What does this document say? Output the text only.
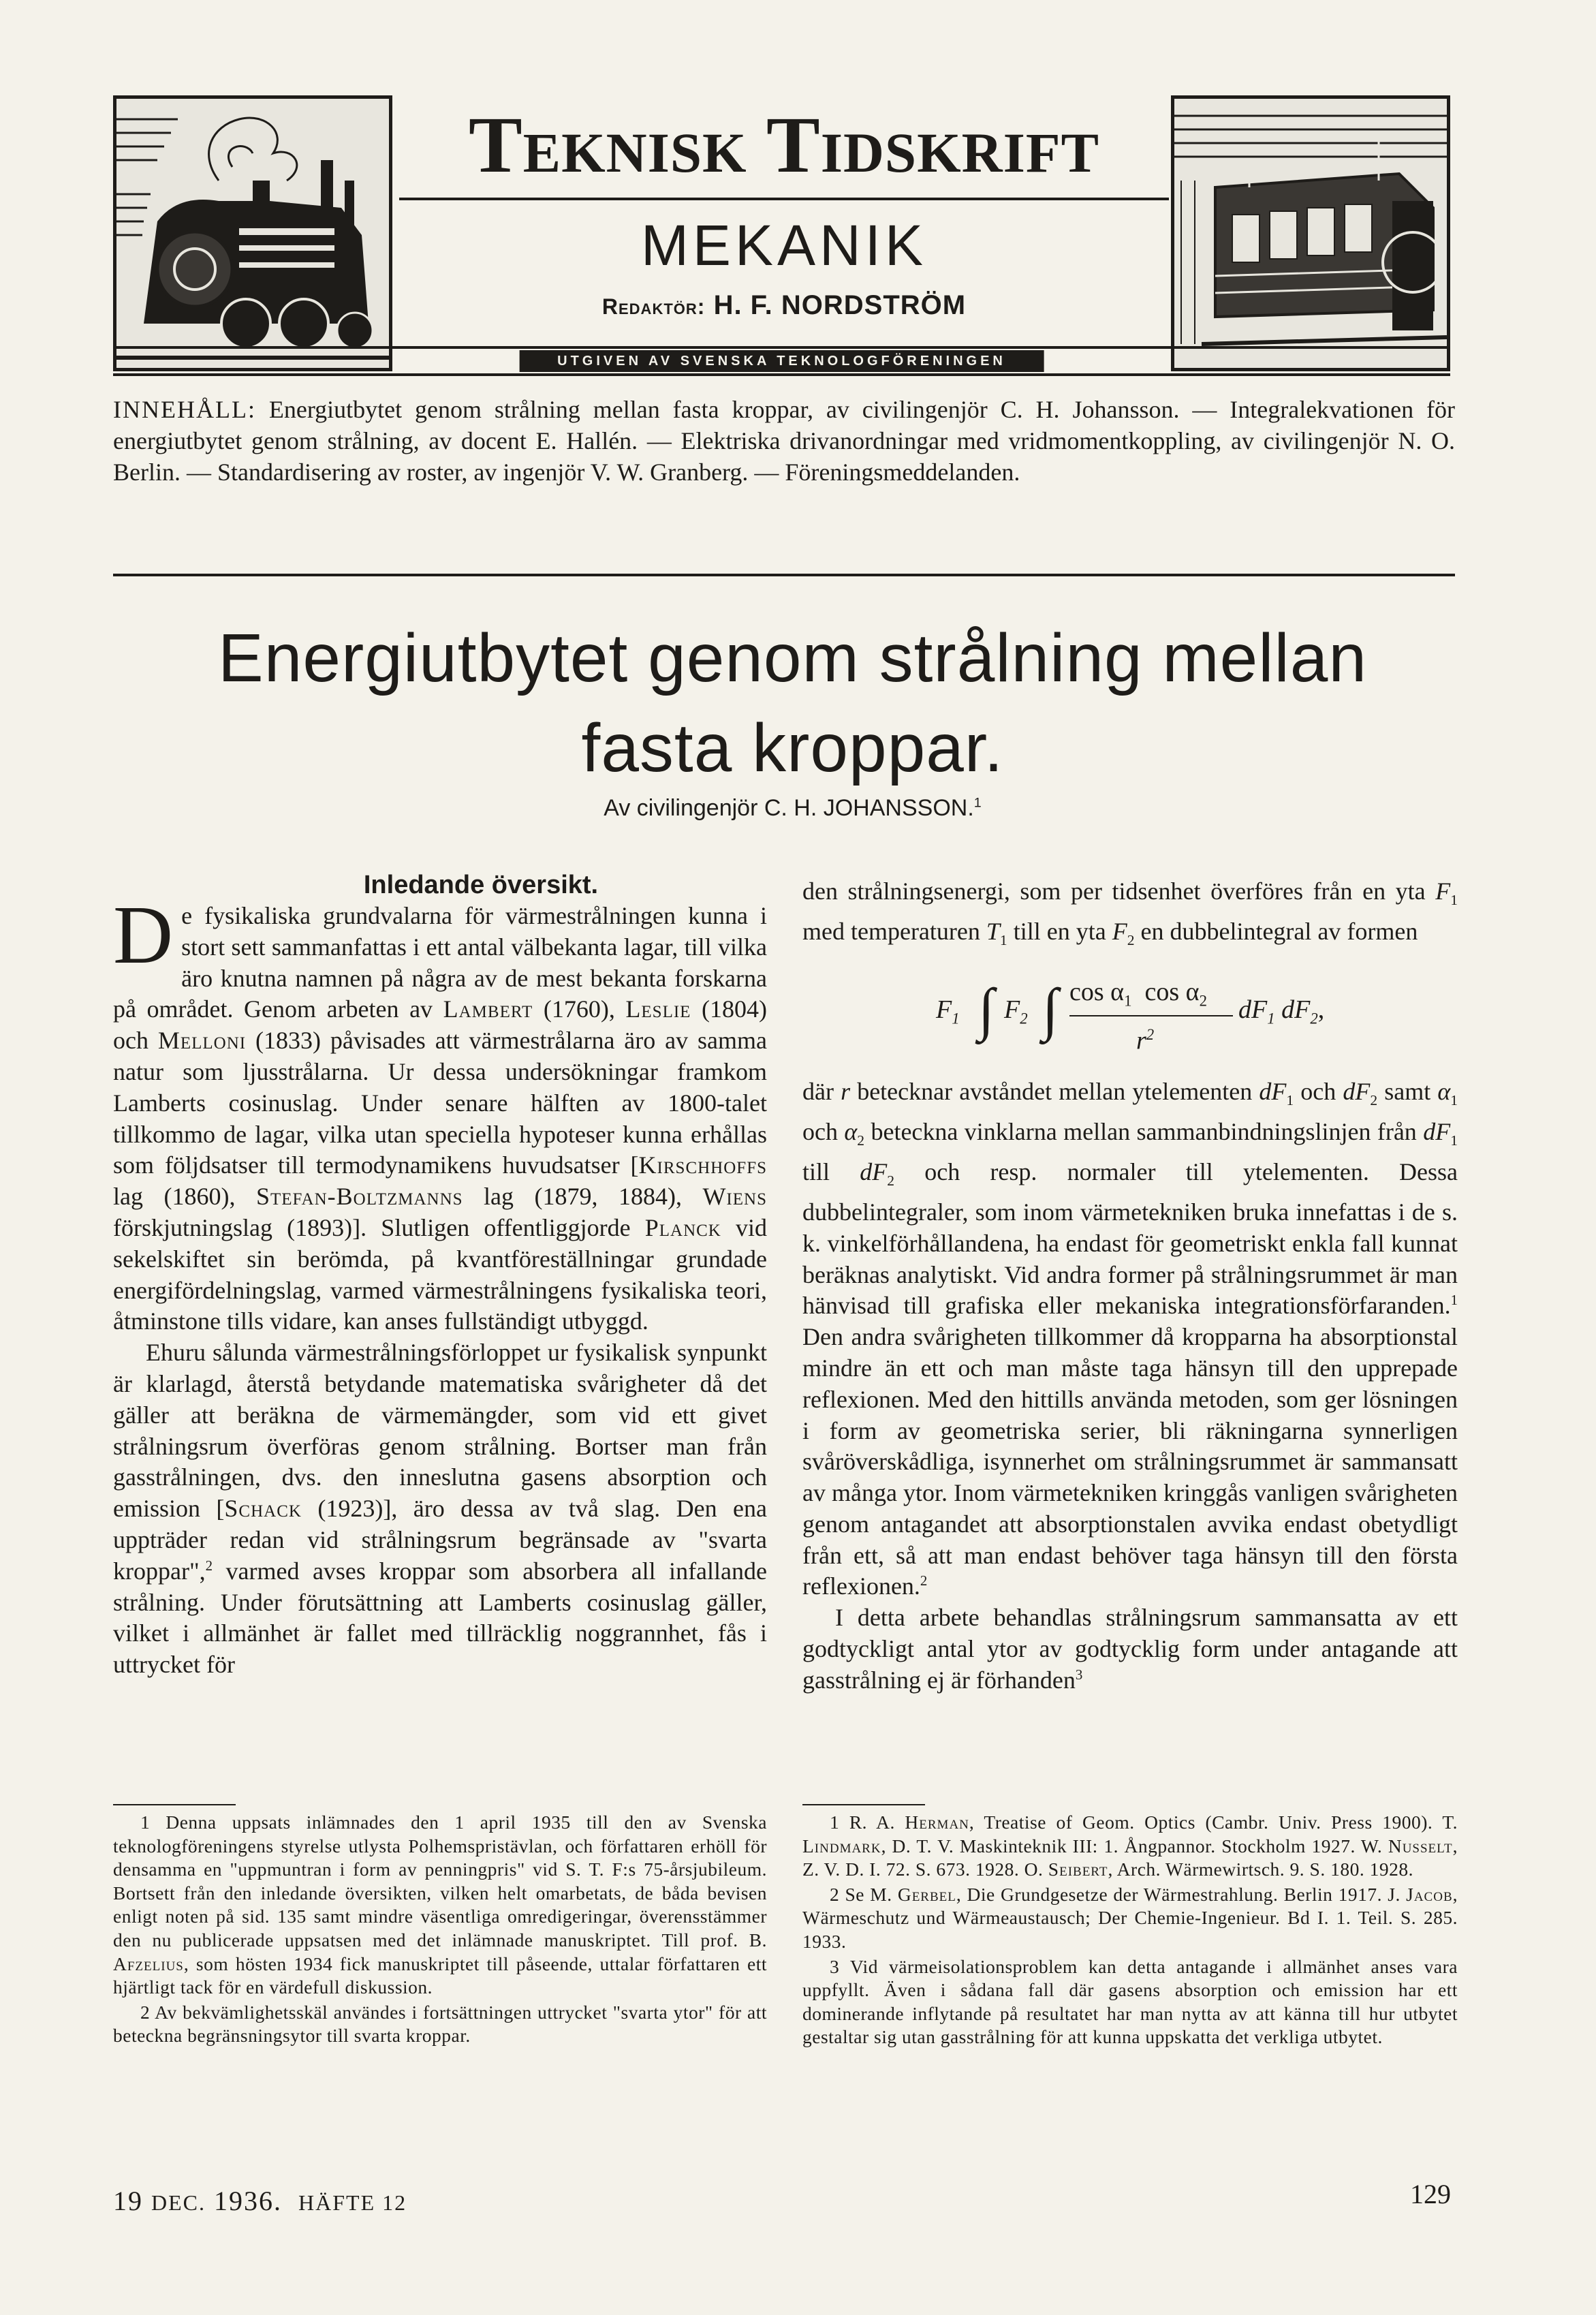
Teknisk Tidskrift
MEKANIK
Redaktör: H. F. NORDSTRÖM
UTGIVEN AV SVENSKA TEKNOLOGFÖRENINGEN
INNEHÅLL: Energiutbytet genom strålning mellan fasta kroppar, av civilingenjör C. H. Johansson. — Integralekvationen för energiutbytet genom strålning, av docent E. Hallén. — Elektriska drivanordningar med vridmomentkoppling, av civilingenjör N. O. Berlin. — Standardisering av roster, av ingenjör V. W. Granberg. — Föreningsmeddelanden.
Energiutbytet genom strålning mellan
fasta kroppar.
Av civilingenjör C. H. JOHANSSON.$^1$
Inledande översikt.

De fysikaliska grundvalarna för värmestrålningen kunna i stort sett sammanfattas i ett antal välbekanta lagar, till vilka äro knutna namnen på några av de mest bekanta forskarna på området. Genom arbeten av Lambert (1760), Leslie (1804) och Melloni (1833) påvisades att värmestrålarna äro av samma natur som ljusstrålarna. Ur dessa undersökningar framkom Lamberts cosinuslag. Under senare hälften av 1800-talet tillkommo de lagar, vilka utan speciella hypoteser kunna erhållas som följdsatser till termodynamikens huvudsatser [Kirschhoffs lag (1860), Stefan-Boltzmanns lag (1879, 1884), Wiens förskjutningslag (1893)]. Slutligen offentliggjorde Planck vid sekelskiftet sin berömda, på kvantföreställningar grundade energifördelningslag, varmed värmestrålningens fysikaliska teori, åtminstone tills vidare, kan anses fullständigt utbyggd.

Ehuru sålunda värmestrålningsförloppet ur fysikalisk synpunkt är klarlagd, återstå betydande matematiska svårigheter då det gäller att beräkna de värmemängder, som vid ett givet strålningsrum överföras genom strålning. Bortser man från gasstrålningen, dvs. den inneslutna gasens absorption och emission [Schack (1923)], äro dessa av två slag. Den ena uppträder redan vid strålningsrum begränsade av "svarta kroppar",$^2$ varmed avses kroppar som absorbera all infallande strålning. Under förutsättning att Lamberts cosinuslag gäller, vilket i allmänhet är fallet med tillräcklig noggrannhet, fås i uttrycket för

den strålningsenergi, som per tidsenhet överföres från en yta $F_1$ med temperaturen $T_1$ till en yta $F_2$ en dubbelintegral av formen

$F_1$ ∫ $F_2$ ∫ $\cos \alpha_1$ $\cos \alpha_2$
$r^2$
$dF_1$ $dF_2$,

där r betecknar avståndet mellan ytelementen $dF_1$ och $dF_2$ samt $\alpha_1$ och $\alpha_2$ beteckna vinklarna mellan sammanbindningslinjen från $dF_1$ till $dF_2$ och resp. normaler till ytelementen. Dessa dubbelintegraler, som inom värmetekniken bruka innefattas i de s. k. vinkelförhållandena, ha endast för geometriskt enkla fall kunnat beräknas analytiskt. Vid andra former på strålningsrummet är man hänvisad till grafiska eller mekaniska integrationsförfaranden.$^1$ Den andra svårigheten tillkommer då kropparna ha absorptionstal mindre än ett och man måste taga hänsyn till den upprepade reflexionen. Med den hittills använda metoden, som ger lösningen i form av geometriska serier, bli räkningarna synnerligen svåröverskådliga, isynnerhet om strålningsrummet är sammansatt av många ytor. Inom värmetekniken kringgås vanligen svårigheten genom antagandet att absorptionstalen avvika endast obetydligt från ett, så att man endast behöver taga hänsyn till den första reflexionen.$^2$

I detta arbete behandlas strålningsrum sammansatta av ett godtyckligt antal ytor av godtycklig form under antagande att gasstrålning ej är förhanden$^3$

1 Denna uppsats inlämnades den 1 april 1935 till den av Svenska teknologföreningens styrelse utlysta Polhemspristävlan, och författaren erhöll för densamma en "uppmuntran i form av penningpris" vid S. T. F:s 75-årsjubileum. Bortsett från den inledande översikten, vilken helt omarbetats, de båda bevisen enligt noten på sid. 135 samt mindre väsentliga omredigeringar, överensstämmer den nu publicerade uppsatsen med det inlämnade manuskriptet. Till prof. B. Afzelius, som hösten 1934 fick manuskriptet till påseende, uttalar författaren ett hjärtligt tack för en värdefull diskussion.

2 Av bekvämlighetsskäl användes i fortsättningen uttrycket "svarta ytor" för att beteckna begränsningsytor till svarta kroppar.

1 R. A. Herman, Treatise of Geom. Optics (Cambr. Univ. Press 1900). T. Lindmark, D. T. V. Maskinteknik III: 1. Ångpannor. Stockholm 1927. W. Nusselt, Z. V. D. I. 72. S. 673. 1928. O. Seibert, Arch. Wärmewirtsch. 9. S. 180. 1928.

2 Se M. Gerbel, Die Grundgesetze der Wärmestrahlung. Berlin 1917. J. Jacob, Wärmeschutz und Wärmeaustausch; Der Chemie-Ingenieur. Bd I. 1. Teil. S. 285. 1933.

3 Vid värmeisolationsproblem kan detta antagande i allmänhet anses vara uppfyllt. Även i sådana fall där gasens absorption och emission har ett dominerande inflytande på resultatet har man nytta av att känna till hur utbytet gestaltar sig utan gasstrålning för att kunna uppskatta det verkliga utbytet.

19 DEC. 1936. HÄFTE 12	129
